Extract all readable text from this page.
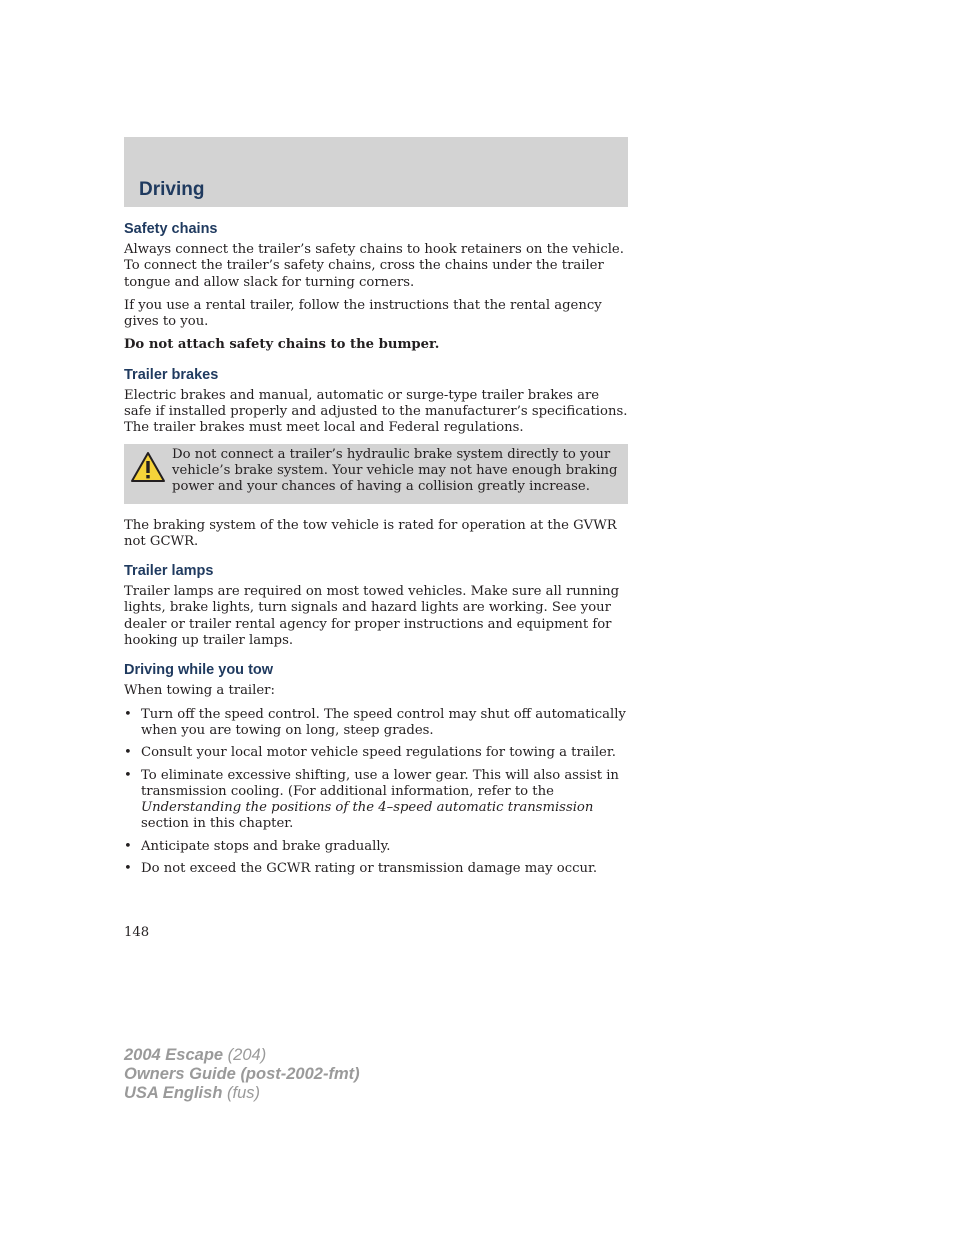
Driving
Safety chains

Always connect the trailer’s safety chains to hook retainers on the vehicle. To connect the trailer’s safety chains, cross the chains under the trailer tongue and allow slack for turning corners.

If you use a rental trailer, follow the instructions that the rental agency gives to you.

Do not attach safety chains to the bumper.

Trailer brakes

Electric brakes and manual, automatic or surge-type trailer brakes are safe if installed properly and adjusted to the manufacturer’s specifications. The trailer brakes must meet local and Federal regulations.

Do not connect a trailer’s hydraulic brake system directly to your vehicle’s brake system. Your vehicle may not have enough braking power and your chances of having a collision greatly increase.

The braking system of the tow vehicle is rated for operation at the GVWR not GCWR.

Trailer lamps

Trailer lamps are required on most towed vehicles. Make sure all running lights, brake lights, turn signals and hazard lights are working. See your dealer or trailer rental agency for proper instructions and equipment for hooking up trailer lamps.

Driving while you tow

When towing a trailer:

• Turn off the speed control. The speed control may shut off automatically when you are towing on long, steep grades.
• Consult your local motor vehicle speed regulations for towing a trailer.
• To eliminate excessive shifting, use a lower gear. This will also assist in transmission cooling. (For additional information, refer to the Understanding the positions of the 4–speed automatic transmission section in this chapter.
• Anticipate stops and brake gradually.
• Do not exceed the GCWR rating or transmission damage may occur.
148
2004 Escape (204)
Owners Guide (post-2002-fmt)
USA English (fus)
